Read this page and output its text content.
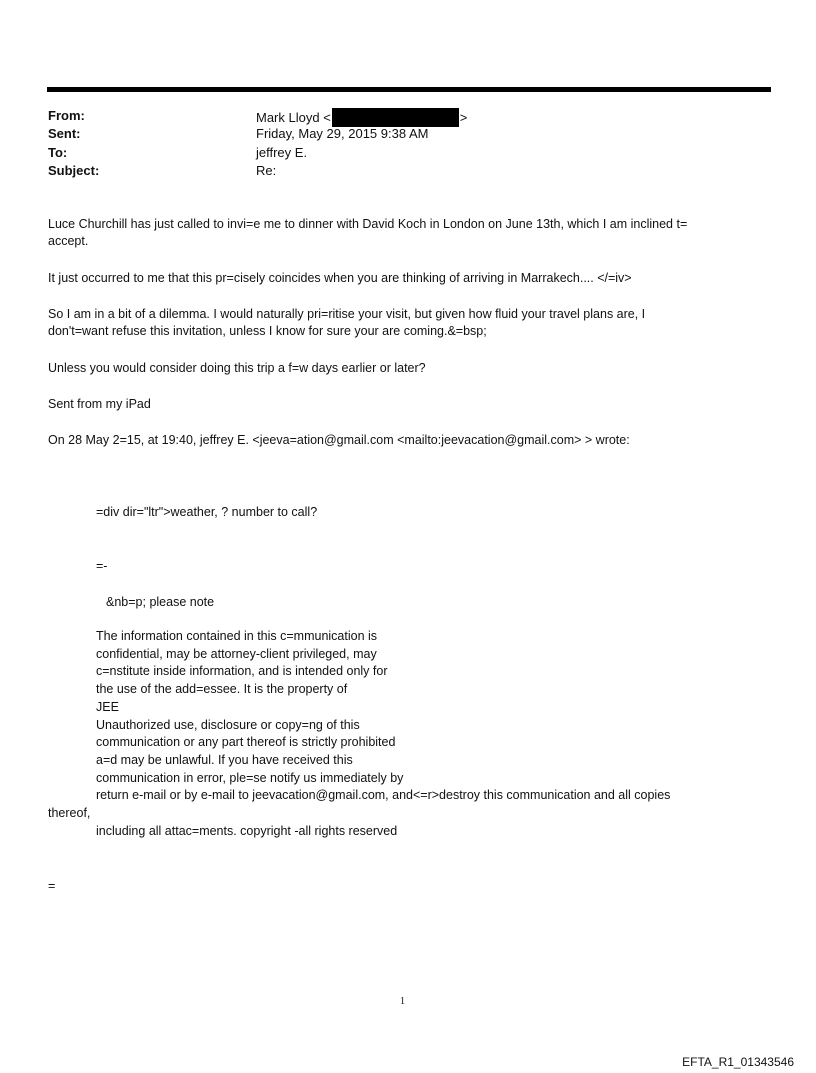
From:	Mark Lloyd <	>
Sent:	Friday, May 29, 2015 9:38 AM
To:	jeffrey E.
Subject:	Re:
Luce Churchill has just called to invi=e me to dinner with David Koch in London on June 13th, which I am inclined t=
accept.
It just occurred to me that this pr=cisely coincides when you are thinking of arriving in Marrakech.... </=iv>
So I am in a bit of a dilemma. I would naturally pri=ritise your visit, but given how fluid your travel plans are, I
don't=want refuse this invitation, unless I know for sure your are coming.&=bsp;
Unless you would consider doing this trip a f=w days earlier or later?
Sent from my iPad
On 28 May 2=15, at 19:40, jeffrey E. <jeeva=ation@gmail.com <mailto:jeevacation@gmail.com> > wrote:
=div dir="ltr">weather, ? number to call?
=-
&nb=p; please note
The information contained in this c=mmunication is
confidential, may be attorney-client privileged, may
c=nstitute inside information, and is intended only for
the use of the add=essee. It is the property of
JEE
Unauthorized use, disclosure or copy=ng of this
communication or any part thereof is strictly prohibited
a=d may be unlawful. If you have received this
communication in error, ple=se notify us immediately by
return e-mail or by e-mail to jeevacation@gmail.com, and<=r>destroy this communication and all copies
thereof,
including all attac=ments. copyright -all rights reserved
=
1
EFTA_R1_01343546
